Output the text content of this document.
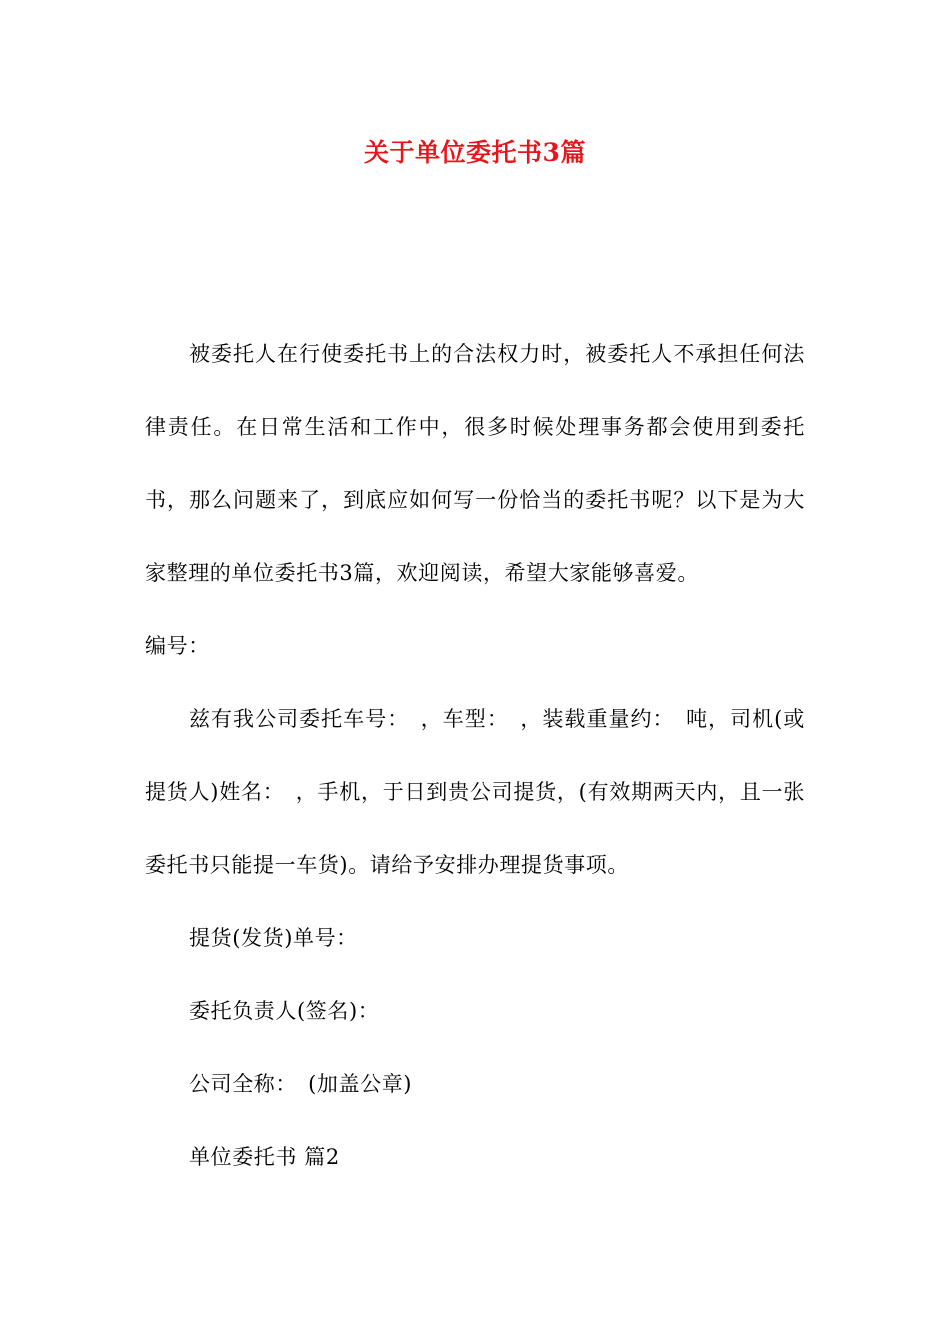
关于单位委托书3篇

被委托人在行使委托书上的合法权力时，被委托人不承担任何法律责任。在日常生活和工作中，很多时候处理事务都会使用到委托书，那么问题来了，到底应如何写一份恰当的委托书呢？以下是为大家整理的单位委托书3篇，欢迎阅读，希望大家能够喜爱。

编号：

兹有我公司委托车号：　，车型：　，装载重量约：　吨，司机(或提货人)姓名：　，手机，于日到贵公司提货，(有效期两天内，且一张委托书只能提一车货)。请给予安排办理提货事项。

提货(发货)单号：

委托负责人(签名)：

公司全称：　(加盖公章)

单位委托书 篇2
